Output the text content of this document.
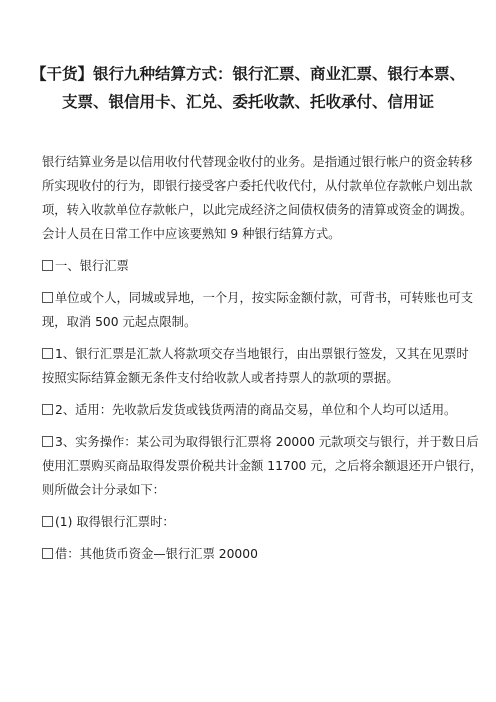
【干货】银行九种结算方式：银行汇票、商业汇票、银行本票、
支票、银信用卡、汇兑、委托收款、托收承付、信用证
银行结算业务是以信用收付代替现金收付的业务。是指通过银行帐户的资金转移
所实现收付的行为，即银行接受客户委托代收代付，从付款单位存款帐户划出款
项，转入收款单位存款帐户，以此完成经济之间债权债务的清算或资金的调拨。
会计人员在日常工作中应该要熟知 9 种银行结算方式。
一、银行汇票
单位或个人，同城或异地，一个月，按实际金额付款，可背书，可转账也可支
现，取消 500 元起点限制。
1、银行汇票是汇款人将款项交存当地银行，由出票银行签发，又其在见票时
按照实际结算金额无条件支付给收款人或者持票人的款项的票据。
2、适用：先收款后发货或钱货两清的商品交易，单位和个人均可以适用。
3、实务操作：某公司为取得银行汇票将 20000 元款项交与银行，并于数日后
使用汇票购买商品取得发票价税共计金额 11700 元，之后将余额退还开户银行，
则所做会计分录如下：
(1) 取得银行汇票时：
借：其他货币资金—银行汇票 20000
